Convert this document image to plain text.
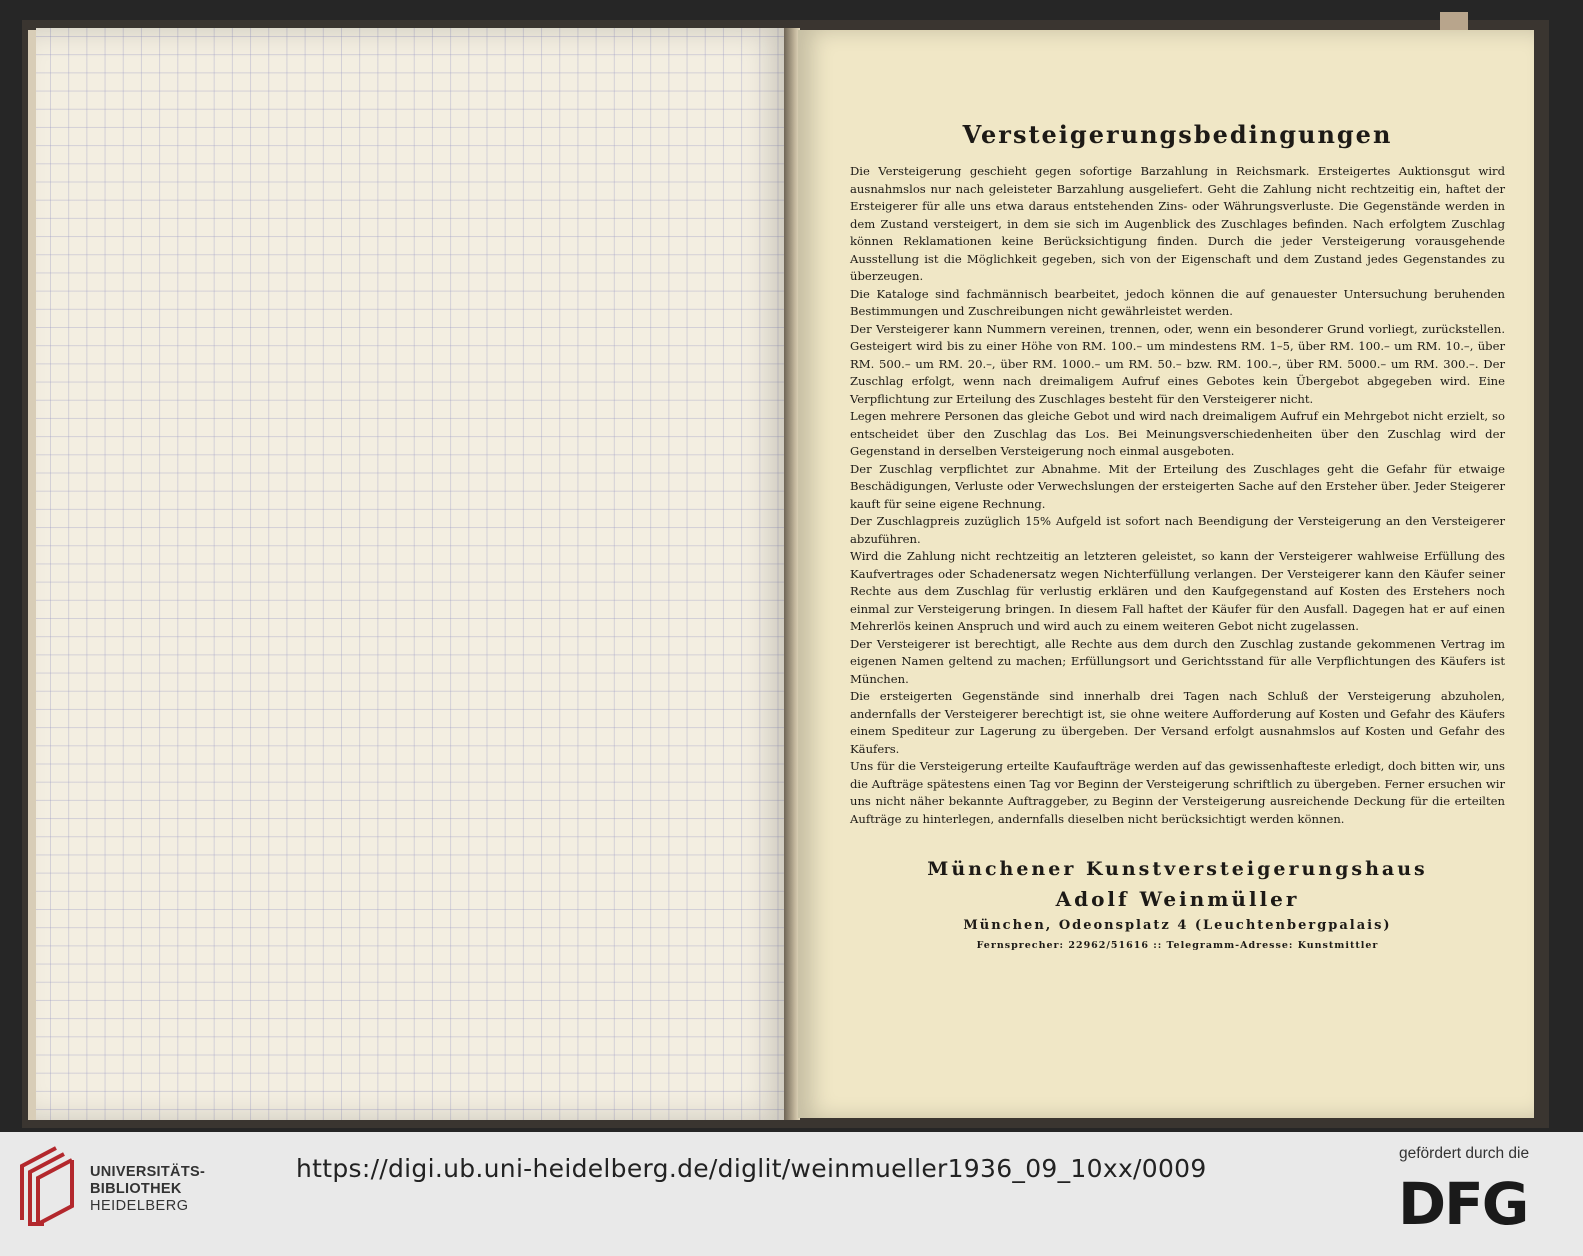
Versteigerungsbedingungen

Die Versteigerung geschieht gegen sofortige Barzahlung in Reichsmark. Ersteigertes Auktionsgut wird ausnahmslos nur nach geleisteter Barzahlung ausgeliefert. Geht die Zahlung nicht rechtzeitig ein, haftet der Ersteigerer für alle uns etwa daraus entstehenden Zins- oder Währungsverluste. Die Gegenstände werden in dem Zustand versteigert, in dem sie sich im Augenblick des Zuschlages befinden. Nach erfolgtem Zuschlag können Reklamationen keine Berücksichtigung finden. Durch die jeder Versteigerung vorausgehende Ausstellung ist die Möglichkeit gegeben, sich von der Eigenschaft und dem Zustand jedes Gegenstandes zu überzeugen.

Die Kataloge sind fachmännisch bearbeitet, jedoch können die auf genauester Untersuchung beruhenden Bestimmungen und Zuschreibungen nicht gewährleistet werden.

Der Versteigerer kann Nummern vereinen, trennen, oder, wenn ein besonderer Grund vorliegt, zurückstellen. Gesteigert wird bis zu einer Höhe von RM. 100.– um mindestens RM. 1–5, über RM. 100.– um RM. 10.–, über RM. 500.– um RM. 20.–, über RM. 1000.– um RM. 50.– bzw. RM. 100.–, über RM. 5000.– um RM. 300.–. Der Zuschlag erfolgt, wenn nach dreimaligem Aufruf eines Gebotes kein Übergebot abgegeben wird. Eine Verpflichtung zur Erteilung des Zuschlages besteht für den Versteigerer nicht.

Legen mehrere Personen das gleiche Gebot und wird nach dreimaligem Aufruf ein Mehrgebot nicht erzielt, so entscheidet über den Zuschlag das Los. Bei Meinungsverschiedenheiten über den Zuschlag wird der Gegenstand in derselben Versteigerung noch einmal ausgeboten.

Der Zuschlag verpflichtet zur Abnahme. Mit der Erteilung des Zuschlages geht die Gefahr für etwaige Beschädigungen, Verluste oder Verwechslungen der ersteigerten Sache auf den Ersteher über. Jeder Steigerer kauft für seine eigene Rechnung.

Der Zuschlagpreis zuzüglich 15% Aufgeld ist sofort nach Beendigung der Versteigerung an den Versteigerer abzuführen.

Wird die Zahlung nicht rechtzeitig an letzteren geleistet, so kann der Versteigerer wahlweise Erfüllung des Kaufvertrages oder Schadenersatz wegen Nichterfüllung verlangen. Der Versteigerer kann den Käufer seiner Rechte aus dem Zuschlag für verlustig erklären und den Kaufgegenstand auf Kosten des Erstehers noch einmal zur Versteigerung bringen. In diesem Fall haftet der Käufer für den Ausfall. Dagegen hat er auf einen Mehrerlös keinen Anspruch und wird auch zu einem weiteren Gebot nicht zugelassen.

Der Versteigerer ist berechtigt, alle Rechte aus dem durch den Zuschlag zustande gekommenen Vertrag im eigenen Namen geltend zu machen; Erfüllungsort und Gerichtsstand für alle Verpflichtungen des Käufers ist München.

Die ersteigerten Gegenstände sind innerhalb drei Tagen nach Schluß der Versteigerung abzuholen, andernfalls der Versteigerer berechtigt ist, sie ohne weitere Aufforderung auf Kosten und Gefahr des Käufers einem Spediteur zur Lagerung zu übergeben. Der Versand erfolgt ausnahmslos auf Kosten und Gefahr des Käufers.

Uns für die Versteigerung erteilte Kaufaufträge werden auf das gewissenhafteste erledigt, doch bitten wir, uns die Aufträge spätestens einen Tag vor Beginn der Versteigerung schriftlich zu übergeben. Ferner ersuchen wir uns nicht näher bekannte Auftraggeber, zu Beginn der Versteigerung ausreichende Deckung für die erteilten Aufträge zu hinterlegen, andernfalls dieselben nicht berücksichtigt werden können.

Münchener Kunstversteigerungshaus
Adolf Weinmüller
München, Odeonsplatz 4 (Leuchtenbergpalais)
Fernsprecher: 22962/51616 :: Telegramm-Adresse: Kunstmittler
UNIVERSITÄTS-
BIBLIOTHEK
HEIDELBERG
https://digi.ub.uni-heidelberg.de/diglit/weinmueller1936_09_10xx/0009
gefördert durch die
DFG
